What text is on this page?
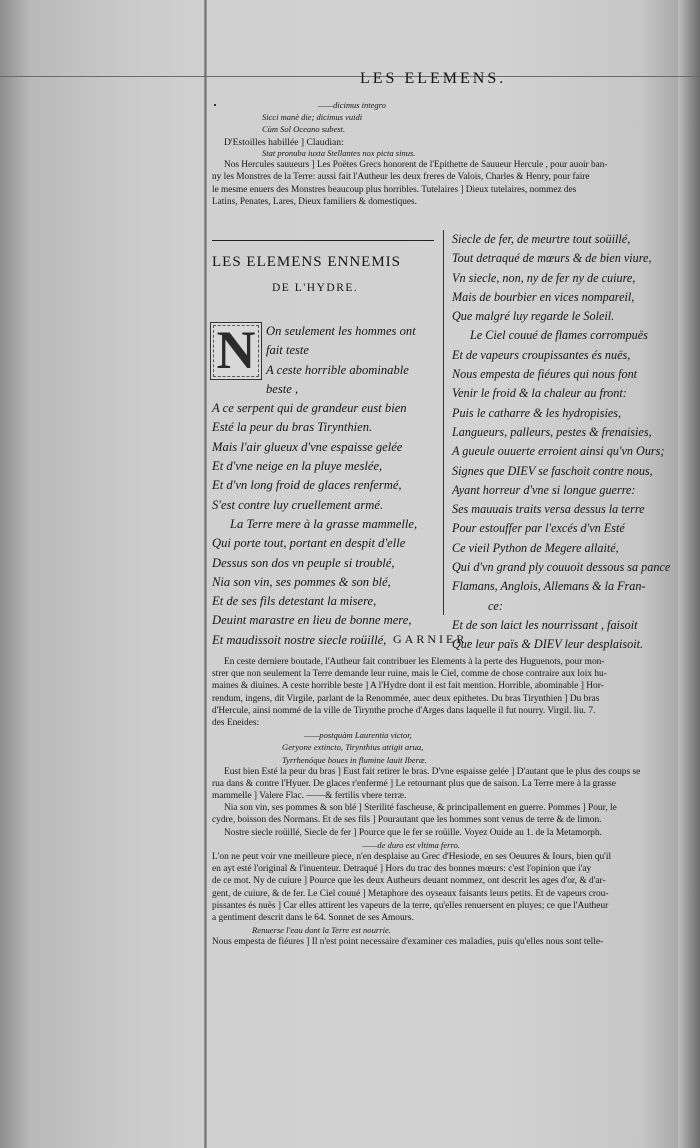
LES ELEMENS.
——dicimus integro
Sicci manè die; dicimus vuidi
Cùm Sol Oceano subest.
D'Estoilles habillée ] Claudian:
Stat pronuba iuxta Stellantes nox picta sinus.

Nos Hercules sauueurs ] Les Poëtes Grecs honorent de l'Epithette de Sauueur Hercule , pour auoir ban-

ny les Monstres de la Terre: aussi fait l'Autheur les deux freres de Valois, Charles & Henry, pour faire

le mesme enuers des Monstres beaucoup plus horribles. Tutelaires ] Dieux tutelaires, nommez des

Latins, Penates, Lares, Dieux familiers & domestiques.

LES ELEMENS ENNEMIS
DE L'HYDRE.
N On seulement les hommes ont
fait teste
A ceste horrible abominable
beste ,
A ce serpent qui de grandeur eust bien
Esté la peur du bras Tirynthien.
Mais l'air glueux d'vne espaisse gelée
Et d'vne neige en la pluye meslée,
Et d'vn long froid de glaces renfermé,
S'est contre luy cruellement armé.
La Terre mere à la grasse mammelle,
Qui porte tout, portant en despit d'elle
Dessus son dos vn peuple si troublé,
Nia son vin, ses pommes & son blé,
Et de ses fils detestant la misere,
Deuint marastre en lieu de bonne mere,
Et maudissoit nostre siecle roüillé,
Siecle de fer, de meurtre tout soüillé,
Tout detraqué de mœurs & de bien viure,
Vn siecle, non, ny de fer ny de cuiure,
Mais de bourbier en vices nompareil,
Que malgré luy regarde le Soleil.
Le Ciel couué de flames corrompuës
Et de vapeurs croupissantes és nuës,
Nous empesta de fiéures qui nous font
Venir le froid & la chaleur au front:
Puis le catharre & les hydropisies,
Langueurs, palleurs, pestes & frenaisies,
A gueule ouuerte erroient ainsi qu'vn Ours;
Signes que DIEV se faschoit contre nous,
Ayant horreur d'vne si longue guerre:
Ses mauuais traits versa dessus la terre
Pour estouffer par l'excés d'vn Esté
Ce vieil Python de Megere allaité,
Qui d'vn grand ply couuoit dessous sa pance
Flamans, Anglois, Allemans & la Fran-
ce:
Et de son laict les nourrissant , faisoit
Que leur païs & DIEV leur desplaisoit.
GARNIER.
En ceste derniere boutade, l'Autheur fait contribuer les Elements à la perte des Huguenots, pour mon-
strer que non seulement la Terre demande leur ruine, mais le Ciel, comme de chose contraire aux loix hu-
maines & diuines. A ceste horrible beste ] A l'Hydre dont il est fait mention. Horrible, abominable ] Hor-
rendum, ingens, dit Virgile, parlant de la Renommée, auec deux epithetes. Du bras Tirynthien ] Du bras
d'Hercule, ainsi nommé de la ville de Tirynthe proche d'Arges dans laquelle il fut nourry. Virgil. liu. 7.
des Eneides:
——postquàm Laurentia victor,
Geryone extincto, Tirynthius attigit arua,
Tyrrhenóque boues in flumine lauit Iberæ.
Eust bien Esté la peur du bras ] Eust fait retirer le bras. D'vne espaisse gelée ] D'autant que le plus des coups se
rua dans & contre l'Hyuer. De glaces r'enfermé ] Le retournant plus que de saison. La Terre mere à la grasse
mammelle ] Valere Flac. ——& fertilis vbere terræ.
Nia son vin, ses pommes & son blé ] Sterilité fascheuse, & principallement en guerre. Pommes ] Pour, le
cydre, boisson des Normans. Et de ses fils ] Pourautant que les hommes sont venus de terre & de limon.
Nostre siecle roüillé, Siecle de fer ] Pource que le fer se roüille. Voyez Ouide au 1. de la Metamorph.
——de duro est vltima ferro.
L'on ne peut voir vne meilleure piece, n'en desplaise au Grec d'Hesiode, en ses Oeuures & Iours, bien qu'il
en ayt esté l'original & l'inuenteur. Detraqué ] Hors du trac des bonnes mœurs: c'est l'opinion que i'ay
de ce mot. Ny de cuiure ] Pource que les deux Autheurs deuant nommez, ont descrit les ages d'or, & d'ar-
gent, de cuiure, & de fer. Le Ciel couué ] Metaphore des oyseaux faisants leurs petits. Et de vapeurs crou-
pissantes és nuës ] Car elles attirent les vapeurs de la terre, qu'elles renuersent en pluyes; ce que l'Autheur
a gentiment descrit dans le 64. Sonnet de ses Amours.
Renuerse l'eau dont la Terre est nourrie.
Nous empesta de fiéures ] Il n'est point necessaire d'examiner ces maladies, puis qu'elles nous sont telle-
